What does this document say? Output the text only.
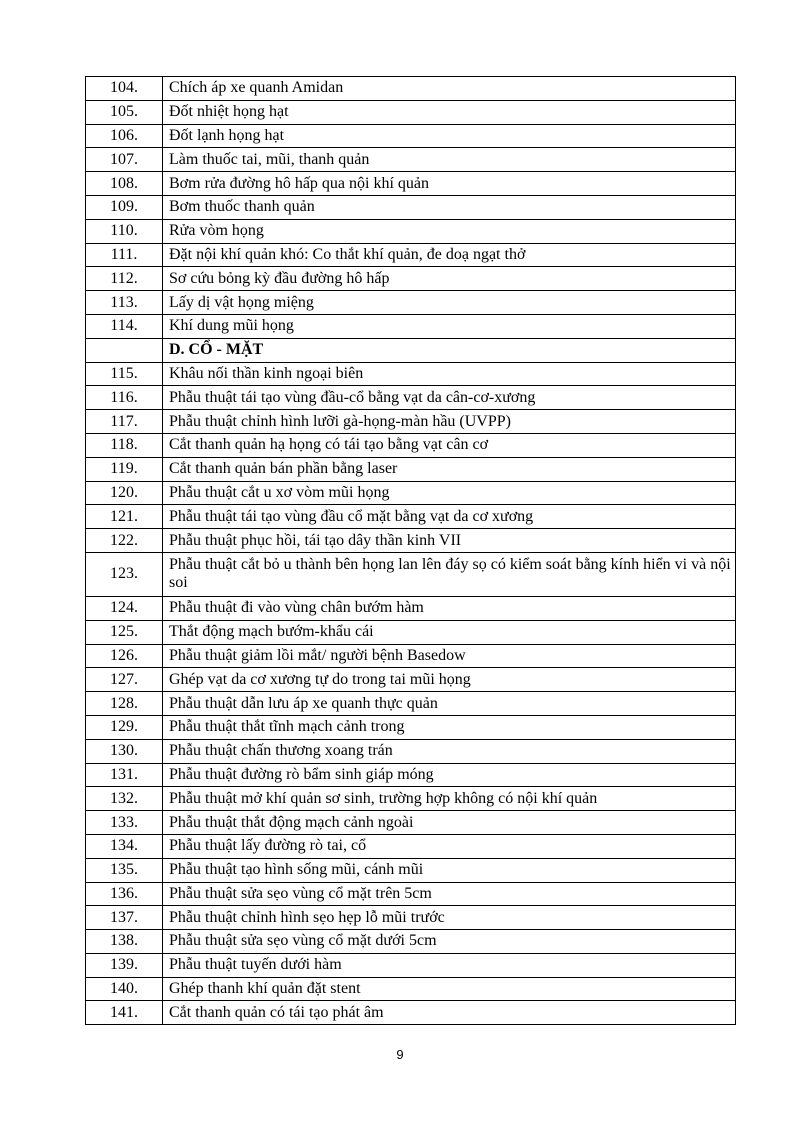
104.	Chích áp xe quanh Amidan
105.	Đốt nhiệt họng hạt
106.	Đốt lạnh họng hạt
107.	Làm thuốc tai, mũi, thanh quản
108.	Bơm rửa đường hô hấp qua nội khí quản
109.	Bơm thuốc thanh quản
110.	Rửa vòm họng
111.	Đặt nội khí quản khó: Co thắt khí quản, đe doạ ngạt thở
112.	Sơ cứu bỏng kỳ đầu đường hô hấp
113.	Lấy dị vật họng miệng
114.	Khí dung mũi họng
	D. CỔ - MẶT
115.	Khâu nối thần kinh ngoại biên
116.	Phẫu thuật tái tạo vùng đầu-cổ bằng vạt da cân-cơ-xương
117.	Phẫu thuật chỉnh hình lưỡi gà-họng-màn hầu (UVPP)
118.	Cắt thanh quản hạ họng có tái tạo bằng vạt cân cơ
119.	Cắt thanh quản bán phần bằng laser
120.	Phẫu thuật cắt u xơ vòm mũi họng
121.	Phẫu thuật tái tạo vùng đầu cổ mặt bằng vạt da cơ xương
122.	Phẫu thuật phục hồi, tái tạo dây thần kinh VII
123.	Phẫu thuật cắt bỏ u thành bên họng lan lên đáy sọ có kiểm soát bằng kính hiển vi và nội soi
124.	Phẫu thuật đi vào vùng chân bướm hàm
125.	Thắt động mạch bướm-khẩu cái
126.	Phẫu thuật giảm lồi mắt/ người bệnh Basedow
127.	Ghép vạt da cơ xương tự do trong tai mũi họng
128.	Phẫu thuật dẫn lưu áp xe quanh thực quản
129.	Phẫu thuật thắt tĩnh mạch cảnh trong
130.	Phẫu thuật chấn thương xoang trán
131.	Phẫu thuật đường rò bẩm sinh giáp móng
132.	Phẫu thuật mở khí quản sơ sinh, trường hợp không có nội khí quản
133.	Phẫu thuật thắt động mạch cảnh ngoài
134.	Phẫu thuật lấy đường rò tai, cổ
135.	Phẫu thuật tạo hình sống mũi, cánh mũi
136.	Phẫu thuật sửa sẹo vùng cổ mặt trên 5cm
137.	Phẫu thuật chỉnh hình sẹo hẹp lỗ mũi trước
138.	Phẫu thuật sửa sẹo vùng cổ mặt dưới 5cm
139.	Phẫu thuật tuyến dưới hàm
140.	Ghép thanh khí quản đặt stent
141.	Cắt thanh quản có tái tạo phát âm
9
